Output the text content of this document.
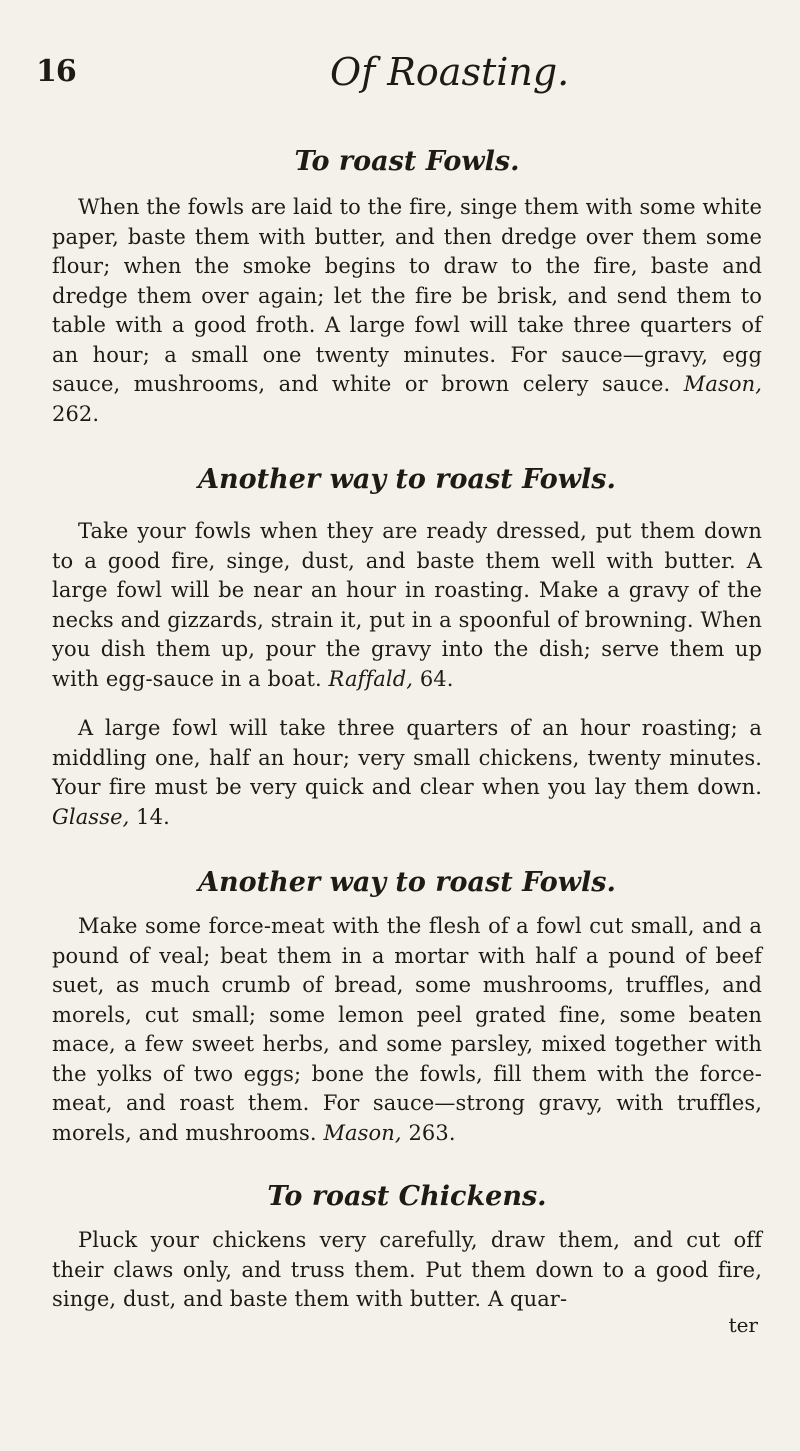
16	Of Roasting.
To roast Fowls.

When the fowls are laid to the fire, singe them with some white paper, baste them with butter, and then dredge over them some flour; when the smoke begins to draw to the fire, baste and dredge them over again; let the fire be brisk, and send them to table with a good froth. A large fowl will take three quarters of an hour; a small one twenty minutes. For sauce—gravy, egg sauce, mushrooms, and white or brown celery sauce. Mason, 262.

Another way to roast Fowls.

Take your fowls when they are ready dressed, put them down to a good fire, singe, dust, and baste them well with butter. A large fowl will be near an hour in roasting. Make a gravy of the necks and gizzards, strain it, put in a spoonful of browning. When you dish them up, pour the gravy into the dish; serve them up with egg-sauce in a boat. Raffald, 64.

A large fowl will take three quarters of an hour roasting; a middling one, half an hour; very small chickens, twenty minutes. Your fire must be very quick and clear when you lay them down. Glasse, 14.

Another way to roast Fowls.

Make some force-meat with the flesh of a fowl cut small, and a pound of veal; beat them in a mortar with half a pound of beef suet, as much crumb of bread, some mushrooms, truffles, and morels, cut small; some lemon peel grated fine, some beaten mace, a few sweet herbs, and some parsley, mixed together with the yolks of two eggs; bone the fowls, fill them with the force-meat, and roast them. For sauce—strong gravy, with truffles, morels, and mushrooms. Mason, 263.

To roast Chickens.

Pluck your chickens very carefully, draw them, and cut off their claws only, and truss them. Put them down to a good fire, singe, dust, and baste them with butter. A quar-

ter
